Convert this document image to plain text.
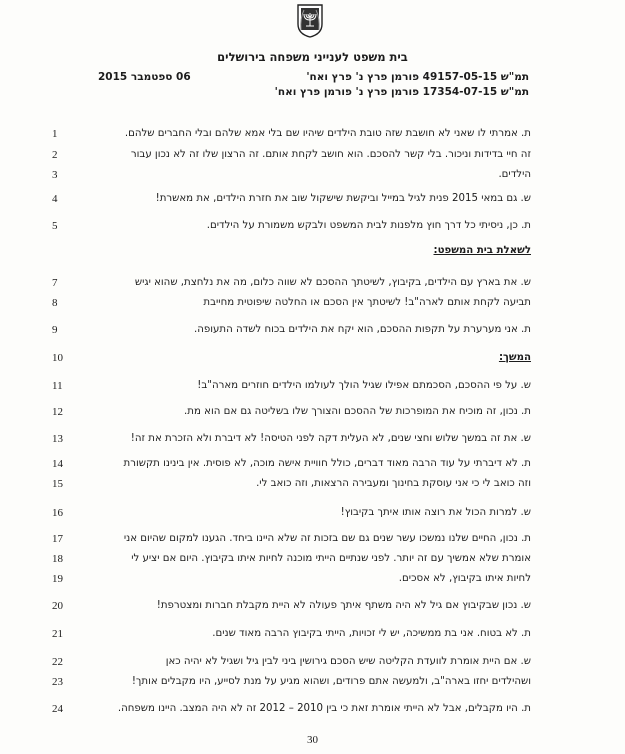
בית משפט לענייני משפחה בירושלים
תמ"ש 49157-05-15 פורמן פרץ נ' פרץ ואח'
תמ"ש 17354-07-15 פורמן פרץ נ' פורמן פרץ ואח'
06 ספטמבר 2015
1	ת. אמרתי לו שאני לא חושבת שזה טובת הילדים שיהיו שם בלי אמא שלהם ובלי החברים שלהם.
2	זה חיי בדידות וניכור. בלי קשר להסכם. הוא חושב לקחת אותם. זה הרצון שלו זה לא נכון עבור
3	הילדים.
4	ש. גם במאי 2015 פנית לגיל במייל וביקשת שישקול שוב את חזרת הילדים, את מאשרת!
5	ת. כן, ניסיתי כל דרך חוץ מלפנות לבית המשפט ולבקש משמורת על הילדים.
לשאלת בית המשפט:
7	ש. את בארץ עם הילדים, בקיבוץ, לשיטתך ההסכם לא שווה כלום, מה את נלחצת, שהוא יגיש
8	תביעה לקחת אותם לארה"ב! לשיטתך אין הסכם או החלטה שיפוטית מחייבת
9	ת. אני מערערת על תקפות ההסכם, הוא יקח את הילדים בכוח לשדה התעופה.
10	המשך:
11	ש. על פי ההסכם, הסכמתם אפילו שגיל הולך לעולמו הילדים חוזרים מארה"ב!
12	ת. נכון, זה מוכיח את המופרכות של ההסכם והצורך שלו בשליטה גם אם הוא מת.
13	ש. את זה במשך שלוש וחצי שנים, לא העלית דקה לפני הטיסה! לא דיברת ולא הזכרת את זה!
14	ת. לא דיברתי על עוד הרבה מאוד דברים, כולל חוויית אישה מוכה, לא פוסית. אין בינינו תקשורת
15	וזה כואב לי כי אני עוסקת בחינוך ומעבירה הרצאות, וזה כואב לי.
16	ש. למרות הכול את רוצה אותו איתך בקיבוץ!
17	ת. נכון, החיים שלנו נמשכו עשר שנים גם שם בזכות זה שלא היינו ביחד. הגענו למקום שהיום אני
18	אומרת שלא אמשיך עם זה יותר. לפני שנתיים הייתי מוכנה לחיות איתו בקיבוץ. היום אם יציע לי
19	לחיות איתו בקיבוץ, לא אסכים.
20	ש. נכון שבקיבוץ אם גיל לא היה משתף איתך פעולה לא היית מקבלת חברות ומצטרפת!
21	ת. לא בטוח. אני בת ממשיכה, יש לי זכויות, הייתי בקיבוץ הרבה מאוד שנים.
22	ש. אם היית אומרת לוועדת הקליטה שיש הסכם גירושין ביני לבין גיל ושגיל לא יהיה כאן
23	ושהילדים יחזו בארה"ב, ולמעשה אתם פרודים, ושהוא מגיע על מנת לסייע, היו מקבלים אותך!
24	ת. היו מקבלים, אבל לא הייתי אומרת זאת כי בין 2010 – 2012 זה לא היה המצב. היינו משפחה.
30
